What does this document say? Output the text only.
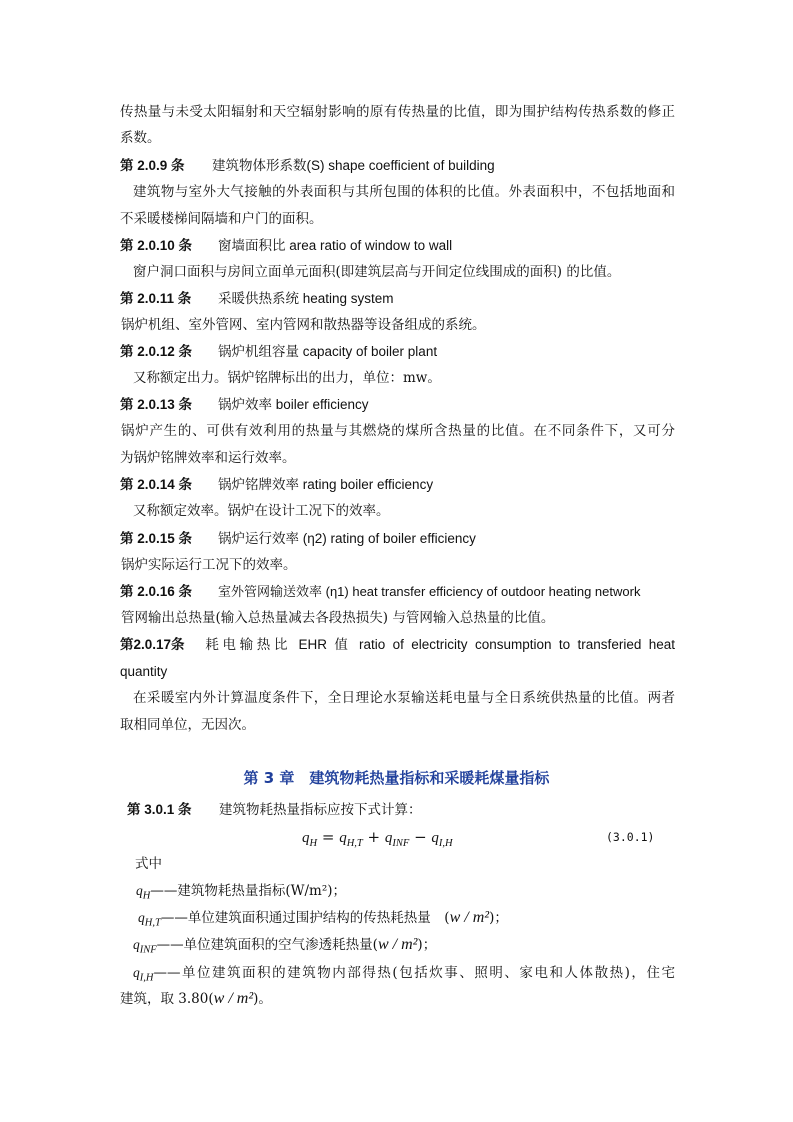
传热量与未受太阳辐射和天空辐射影响的原有传热量的比值，即为围护结构传热系数的修正
系数。
第 2.0.9 条 建筑物体形系数(S) shape coefficient of building
建筑物与室外大气接触的外表面积与其所包围的体积的比值。外表面积中，不包括地面和
不采暖楼梯间隔墙和户门的面积。
第 2.0.10 条 窗墙面积比 area ratio of window to wall
窗户洞口面积与房间立面单元面积(即建筑层高与开间定位线围成的面积) 的比值。
第 2.0.11 条 采暖供热系统 heating system
锅炉机组、室外管网、室内管网和散热器等设备组成的系统。
第 2.0.12 条 锅炉机组容量 capacity of boiler plant
又称额定出力。锅炉铭牌标出的出力，单位：mw。
第 2.0.13 条 锅炉效率 boiler efficiency
锅炉产生的、可供有效利用的热量与其燃烧的煤所含热量的比值。在不同条件下，又可分
为锅炉铭牌效率和运行效率。
第 2.0.14 条 锅炉铭牌效率 rating boiler efficiency
又称额定效率。锅炉在设计工况下的效率。
第 2.0.15 条 锅炉运行效率 (η2) rating of boiler efficiency
锅炉实际运行工况下的效率。
第 2.0.16 条 室外管网输送效率 (η1) heat transfer efficiency of outdoor heating network
管网输出总热量(输入总热量减去各段热损失) 与管网输入总热量的比值。
第2.0.17条　 耗电输热比 EHR 值 ratio of electricity consumption to transferied heat
quantity
在采暖室内外计算温度条件下，全日理论水泵输送耗电量与全日系统供热量的比值。两者
取相同单位，无因次。
第 3 章　建筑物耗热量指标和采暖耗煤量指标
第 3.0.1 条 建筑物耗热量指标应按下式计算：
$q_H = q_{H,T} + q_{INF} - q_{I,H}$	(3.0.1)
式中
$q_H——$建筑物耗热量指标(W/m²)；
$q_{H,T}——$单位建筑面积通过围护结构的传热耗热量　(w / m²)；
$q_{INF}——$单位建筑面积的空气渗透耗热量(w / m²)；
$q_{I,H}——$单位建筑面积的建筑物内部得热(包括炊事、照明、家电和人体散热)，住宅
建筑，取 3.80(w / m²)。
